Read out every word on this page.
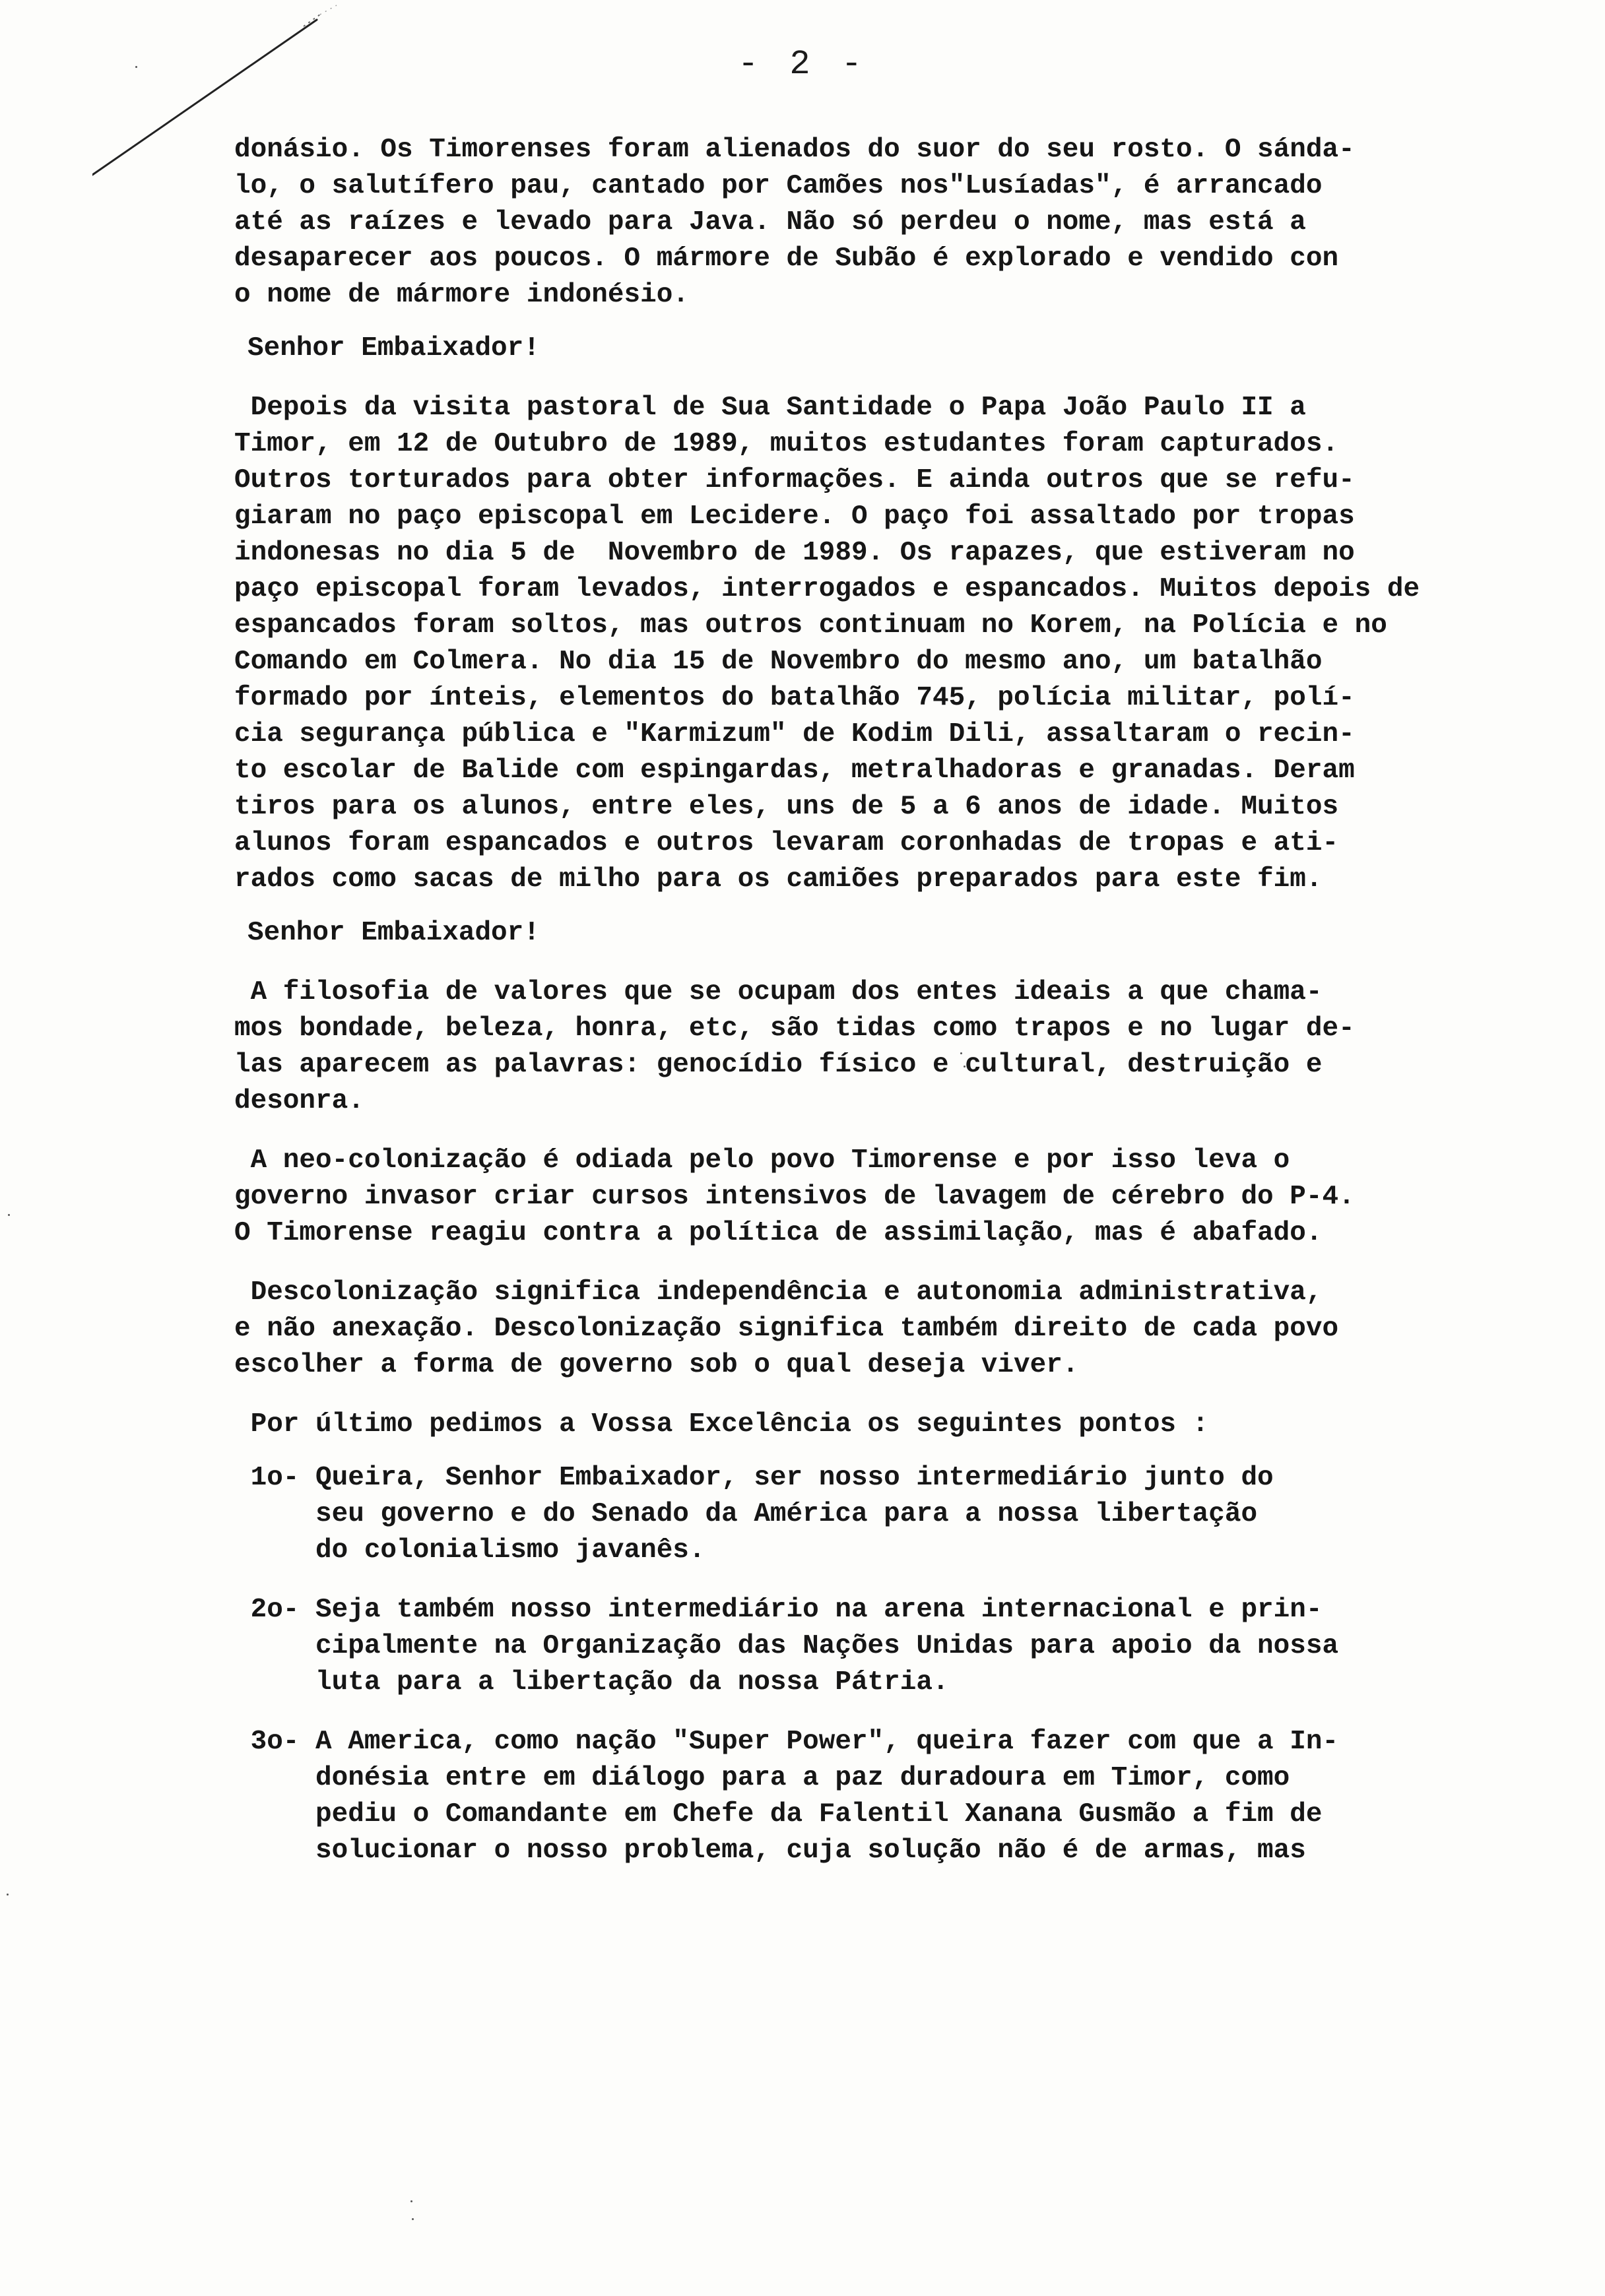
- 2 -

donásio. Os Timorenses foram alienados do suor do seu rosto. O sánda-

lo, o salutífero pau, cantado por Camões nos"Lusíadas", é arrancado

até as raízes e levado para Java. Não só perdeu o nome, mas está a

desaparecer aos poucos. O mármore de Subão é explorado e vendido con

o nome de mármore indonésio.

Senhor Embaixador!

Depois da visita pastoral de Sua Santidade o Papa João Paulo II a

Timor, em 12 de Outubro de 1989, muitos estudantes foram capturados.

Outros torturados para obter informações. E ainda outros que se refu-

giaram no paço episcopal em Lecidere. O paço foi assaltado por tropas

indonesas no dia 5 de  Novembro de 1989. Os rapazes, que estiveram no

paço episcopal foram levados, interrogados e espancados. Muitos depois de

espancados foram soltos, mas outros continuam no Korem, na Polícia e no

Comando em Colmera. No dia 15 de Novembro do mesmo ano, um batalhão

formado por ínteis, elementos do batalhão 745, polícia militar, polí-

cia segurança pública e "Karmizum" de Kodim Dili, assaltaram o recin-

to escolar de Balide com espingardas, metralhadoras e granadas. Deram

tiros para os alunos, entre eles, uns de 5 a 6 anos de idade. Muitos

alunos foram espancados e outros levaram coronhadas de tropas e ati-

rados como sacas de milho para os camiões preparados para este fim.

Senhor Embaixador!

A filosofia de valores que se ocupam dos entes ideais a que chama-

mos bondade, beleza, honra, etc, são tidas como trapos e no lugar de-

las aparecem as palavras: genocídio físico e cultural, destruição e

desonra.

A neo-colonização é odiada pelo povo Timorense e por isso leva o

governo invasor criar cursos intensivos de lavagem de cérebro do P-4.

O Timorense reagiu contra a política de assimilação, mas é abafado.

Descolonização significa independência e autonomia administrativa,

e não anexação. Descolonização significa também direito de cada povo

escolher a forma de governo sob o qual deseja viver.

Por último pedimos a Vossa Excelência os seguintes pontos :

1o- Queira, Senhor Embaixador, ser nosso intermediário junto do

seu governo e do Senado da América para a nossa libertação

do colonialismo javanês.

2o- Seja também nosso intermediário na arena internacional e prin-

cipalmente na Organização das Nações Unidas para apoio da nossa

luta para a libertação da nossa Pátria.

3o- A America, como nação "Super Power", queira fazer com que a In-

donésia entre em diálogo para a paz duradoura em Timor, como

pediu o Comandante em Chefe da Falentil Xanana Gusmão a fim de

solucionar o nosso problema, cuja solução não é de armas, mas
